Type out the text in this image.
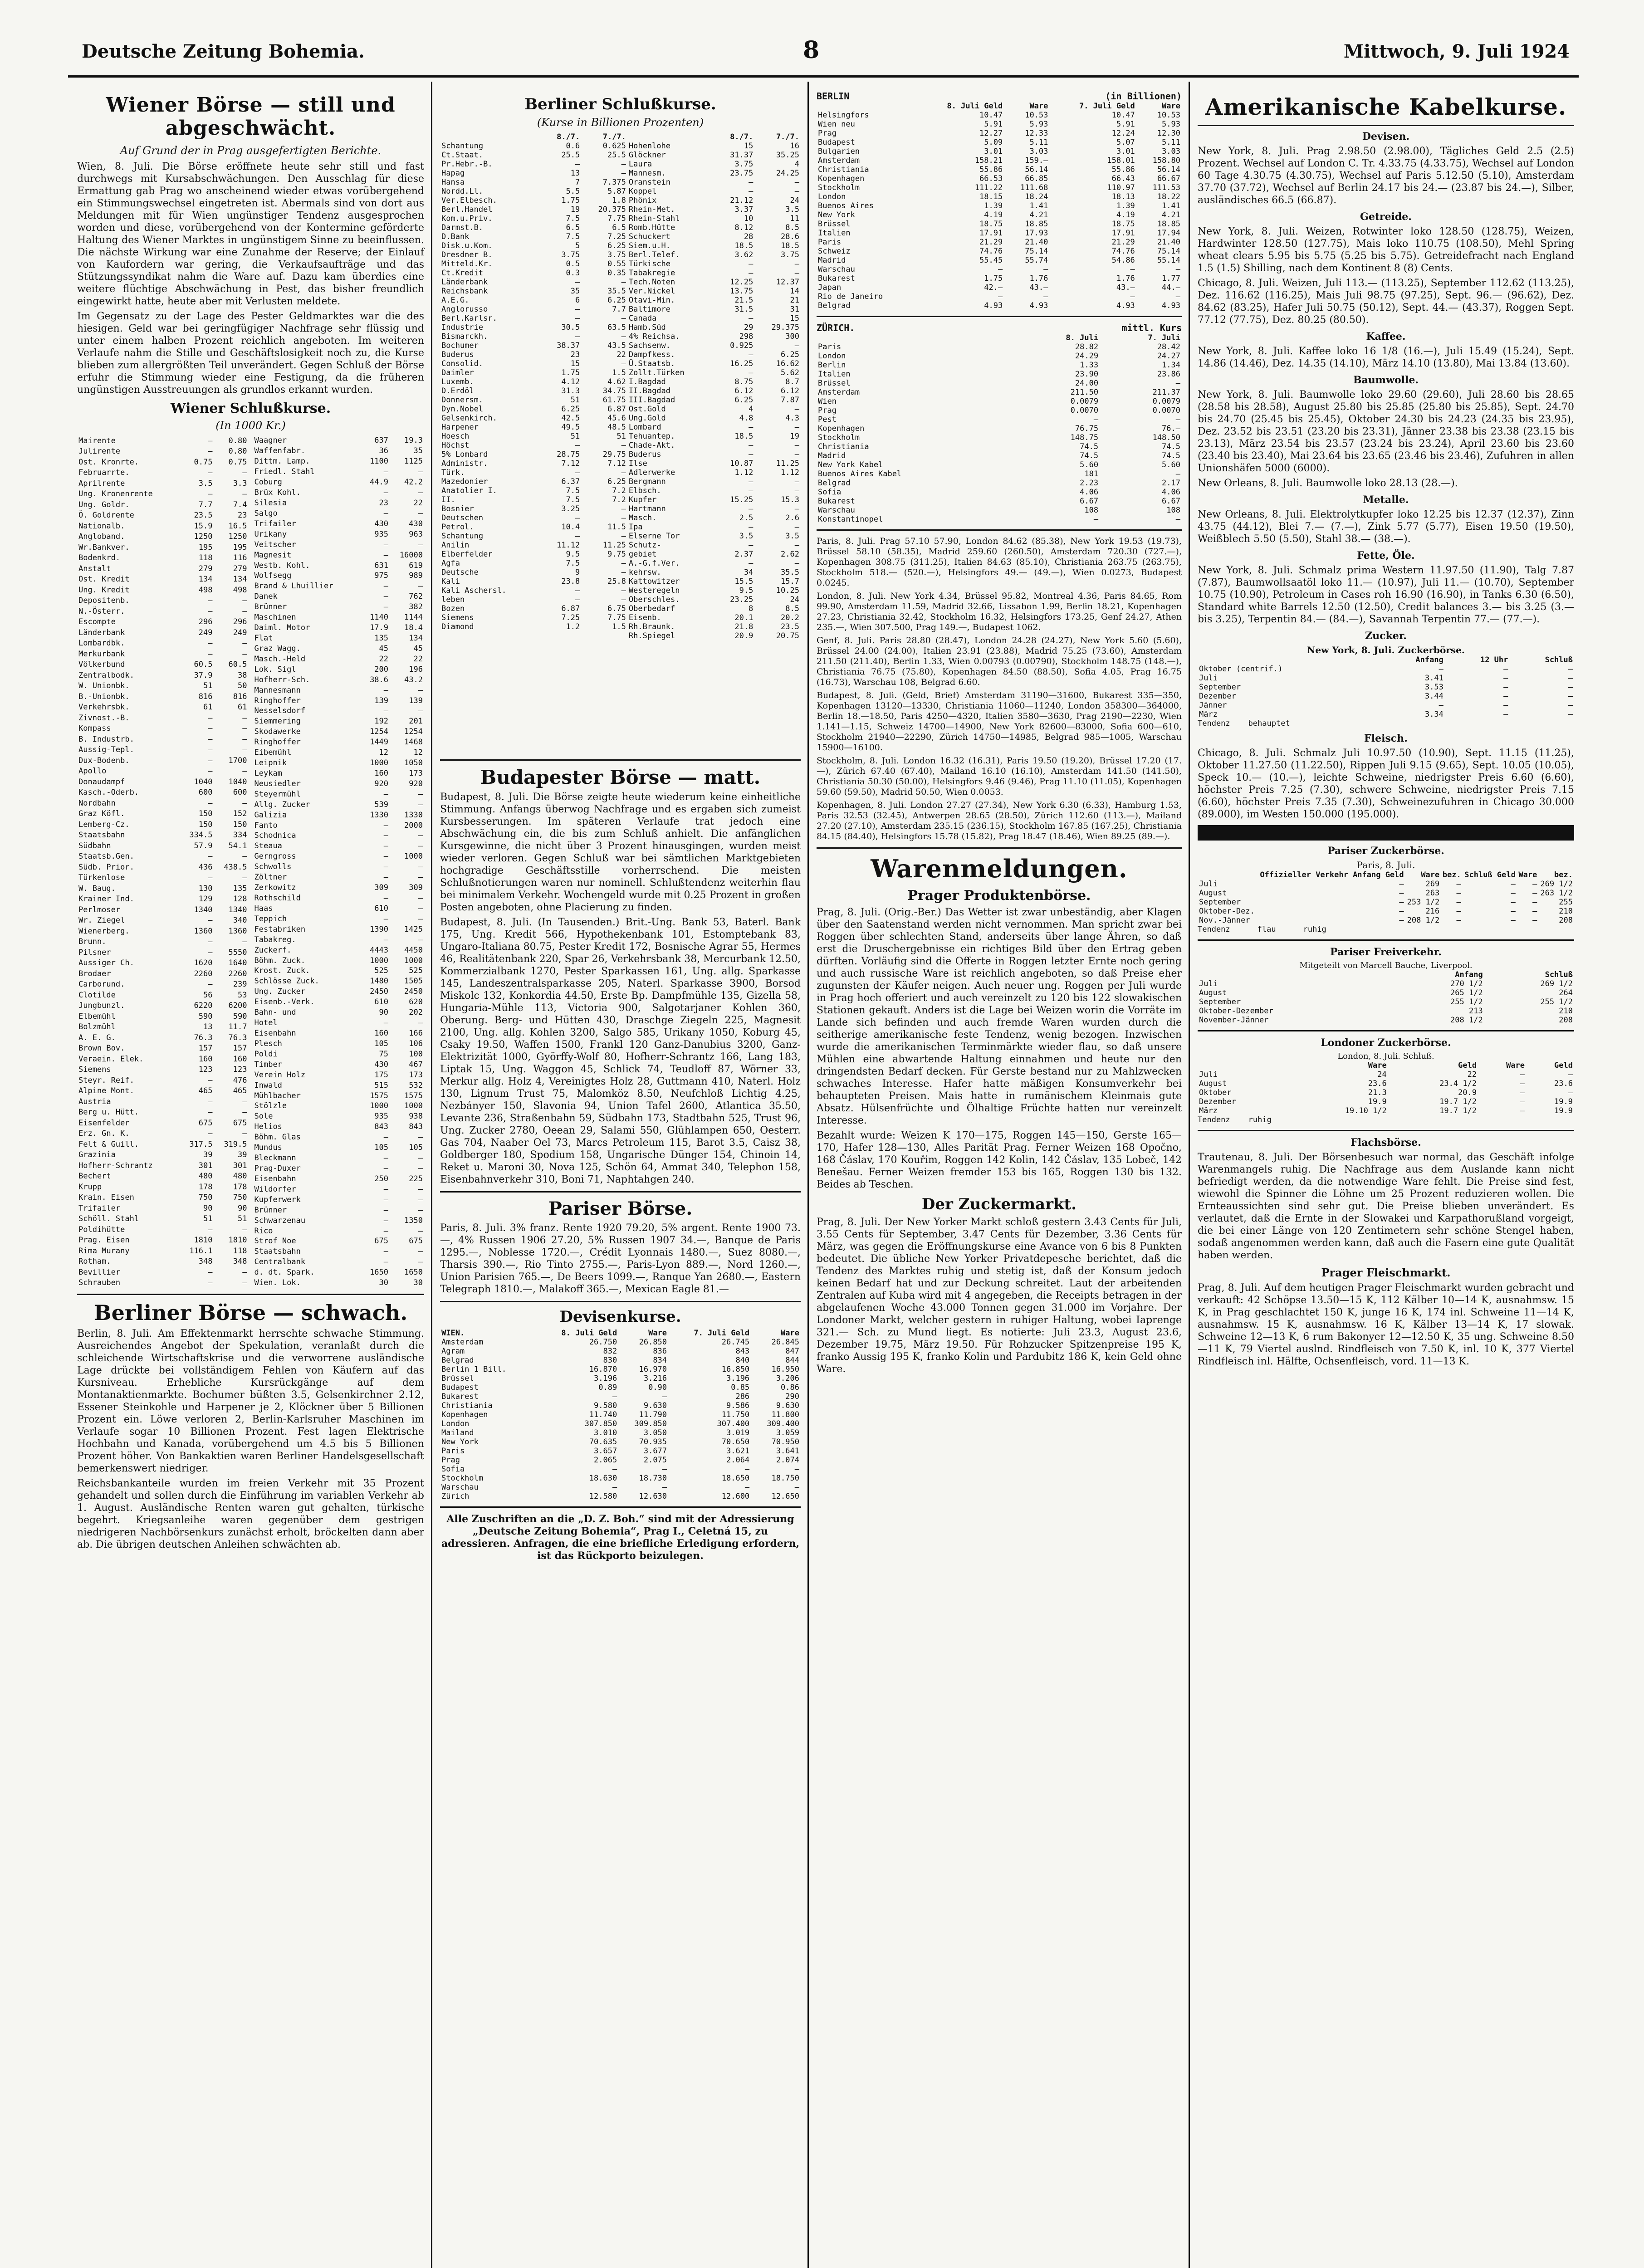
Deutsche Zeitung Bohemia.	8	Mittwoch, 9. Juli 1924
Wiener Börse — still und abgeschwächt.
Auf Grund der in Prag ausgefertigten Berichte.

Wien, 8. Juli. Die Börse eröffnete heute sehr still und fast durchwegs mit Kursabschwächungen. Den Ausschlag für diese Ermattung gab Prag wo anscheinend wieder etwas vorübergehend ein Stimmungswechsel eingetreten ist. Abermals sind von dort aus Meldungen mit für Wien ungünstiger Tendenz ausgesprochen worden und diese, vorübergehend von der Kontermine geförderte Haltung des Wiener Marktes in ungünstigem Sinne zu beeinflussen. Die nächste Wirkung war eine Zunahme der Reserve; der Einlauf von Kaufordern war gering, die Verkaufsaufträge und das Stützungssyndikat nahm die Ware auf. Dazu kam überdies eine weitere flüchtige Abschwächung in Pest, das bisher freundlich eingewirkt hatte, heute aber mit Verlusten meldete.

Im Gegensatz zu der Lage des Pester Geldmarktes war die des hiesigen. Geld war bei geringfügiger Nachfrage sehr flüssig und unter einem halben Prozent reichlich angeboten. Im weiteren Verlaufe nahm die Stille und Geschäftslosigkeit noch zu, die Kurse blieben zum allergrößten Teil unverändert. Gegen Schluß der Börse erfuhr die Stimmung wieder eine Festigung, da die früheren ungünstigen Ausstreuungen als grundlos erkannt wurden.

Wiener Schlußkurse.
(In 1000 Kr.)
Mairente	—	0.80
Julirente	—	0.80
Ost. Kronrte.	0.75	0.75
Februarrte.	—	—
Aprilrente	3.5	3.3
Ung. Kronenrente	—	—
Ung. Goldr.	7.7	7.4
Ö. Goldrente	23.5	23
Nationalb.	15.9	16.5
Angloband.	1250	1250
Wr.Bankver.	195	195
Bodenkrd.	118	116
Anstalt	279	279
Ost. Kredit	134	134
Ung. Kredit	498	498
Depositenb.	—	—
N.-Österr.	—	—
Escompte	296	296
Länderbank	249	249
Lombardbk.	—	—
Merkurbank	—	—
Völkerbund	60.5	60.5
Zentralbodk.	37.9	38
W. Unionbk.	51	50
B.-Unionbk.	816	816
Verkehrsbk.	61	61
Zivnost.-B.	—	—
Kompass	—	—
B. Industrb.	—	—
Aussig-Tepl.	—	—
Dux-Bodenb.	—	1700
Apollo	—	—
Donaudampf	1040	1040
Kasch.-Oderb.	600	600
Nordbahn	—	—
Graz Köfl.	150	152
Lemberg-Cz.	150	150
Staatsbahn	334.5	334
Südbahn	57.9	54.1
Staatsb.Gen.	—	—
Südb. Prior.	436	438.5
Türkenlose	—	—
W. Baug.	130	135
Krainer Ind.	129	128
Perlmoser	1340	1340
Wr. Ziegel	—	340
Wienerberg.	1360	1360
Brunn.	—	—
Pilsner	—	5550
Aussiger Ch.	1620	1640
Brodaer	2260	2260
Carborund.	—	239
Clotilde	56	53
Jungbunzl.	6220	6200
Elbemühl	590	590
Bolzmühl	13	11.7
A. E. G.	76.3	76.3
Brown Bov.	157	157
Veraein. Elek.	160	160
Siemens	123	123
Steyr. Reif.	—	476
Alpine Mont.	465	465
Austria	—	—
Berg u. Hütt.	—	—
Eisenfelder	675	675
Erz. Gn. K.	—	—
Felt & Guill.	317.5	319.5
Grazinia	39	39
Hofherr-Schrantz	301	301
Bechert	480	480
Krupp	178	178
Krain. Eisen	750	750
Trifailer	90	90
Schöll. Stahl	51	51
Poldihütte	—	—
Prag. Eisen	1810	1810
Rima Murany	116.1	118
Rotham.	348	348
Bevillier	—	—
Schrauben	—	—
Waagner	637	19.3
Waffenfabr.	36	35
Dittm. Lamp.	1100	1125
Friedl. Stahl	—	—
Coburg	44.9	42.2
Brüx Kohl.	—	—
Silesia	23	22
Salgo	—	—
Trifailer	430	430
Urikany	935	963
Veitscher	—	—
Magnesit	—	16000
Westb. Kohl.	631	619
Wolfsegg	975	989
Brand & Lhuillier	—	—
Danek	—	762
Brünner	—	382
Maschinen	1140	1144
Daiml. Motor	17.9	18.4
Flat	135	134
Graz Wagg.	45	45
Masch.-Held	22	22
Lok. Sigl	200	196
Hofherr-Sch.	38.6	43.2
Mannesmann	—	—
Ringhoffer	139	139
Nesselsdorf	—	—
Siemmering	192	201
Skodawerke	1254	1254
Ringhoffer	1449	1468
Eibemühl	12	12
Leipnik	1000	1050
Leykam	160	173
Neusiedler	920	920
Steyermühl	—	—
Allg. Zucker	539	—
Galizia	1330	1330
Fanto	—	2000
Schodnica	—	—
Steaua	—	—
Gerngross	—	1000
Schwolls	—	—
Zöltner	—	—
Zerkowitz	309	309
Rothschild	—	—
Haas	610	—
Teppich	—	—
Festabriken	1390	1425
Tabakreg.	—	—
Zuckerf.	4443	4450
Böhm. Zuck.	1000	1000
Krost. Zuck.	525	525
Schlösse Zuck.	1480	1505
Ung. Zucker	2450	2450
Eisenb.-Verk.	610	620
Bahn- und	90	202
Hotel	—	—
Eisenbahn	160	166
Plesch	105	106
Poldi	75	100
Timber	430	467
Verein Holz	175	173
Inwald	515	532
Mühlbacher	1575	1575
Stölzle	1000	1000
Sole	935	938
Helios	843	843
Böhm. Glas	—	—
Mundus	105	105
Bleckmann	—	—
Prag-Duxer	—	—
Eisenbahn	250	225
Wildorfer	—	—
Kupferwerk	—	—
Brünner	—	—
Schwarzenau	—	1350
Rico	—	—
Strof Noe	675	675
Staatsbahn	—	—
Centralbank	—	—
d. dt. Spark.	1650	1650
Wien. Lok.	30	30
Berliner Börse — schwach.

Berlin, 8. Juli. Am Effektenmarkt herrschte schwache Stimmung. Ausreichendes Angebot der Spekulation, veranlaßt durch die schleichende Wirtschaftskrise und die verworrene ausländische Lage drückte bei vollständigem Fehlen von Käufern auf das Kursniveau. Erhebliche Kursrückgänge auf dem Montanaktienmarkte. Bochumer büßten 3.5, Gelsenkirchner 2.12, Essener Steinkohle und Harpener je 2, Klöckner über 5 Billionen Prozent ein. Löwe verloren 2, Berlin-Karlsruher Maschinen im Verlaufe sogar 10 Billionen Prozent. Fest lagen Elektrische Hochbahn und Kanada, vorübergehend um 4.5 bis 5 Billionen Prozent höher. Von Bankaktien waren Berliner Handelsgesellschaft bemerkenswert niedriger.

Reichsbankanteile wurden im freien Verkehr mit 35 Prozent gehandelt und sollen durch die Einführung im variablen Verkehr ab 1. August. Ausländische Renten waren gut gehalten, türkische begehrt. Kriegsanleihe waren gegenüber dem gestrigen niedrigeren Nachbörsenkurs zunächst erholt, bröckelten dann aber ab. Die übrigen deutschen Anleihen schwächten ab.

Berliner Schlußkurse.
(Kurse in Billionen Prozenten)
	8./7.	7./7.		8./7.	7./7.
Schantung	0.6	0.625	Hohenlohe	15	16
Ct.Staat.	25.5	25.5	Glöckner	31.37	35.25
Pr.Hebr.-B.	—	—	Laura	3.75	4
Hapag	13	—	Mannesm.	23.75	24.25
Hansa	7	7.375	Oranstein	—	—
Nordd.Ll.	5.5	5.87	Koppel	—	—
Ver.Elbesch.	1.75	1.8	Phönix	21.12	24
Berl.Handel	19	20.375	Rhein-Met.	3.37	3.5
Kom.u.Priv.	7.5	7.75	Rhein-Stahl	10	11
Darmst.B.	6.5	6.5	Romb.Hütte	8.12	8.5
D.Bank	7.5	7.25	Schuckert	28	28.6
Disk.u.Kom.	5	6.25	Siem.u.H.	18.5	18.5
Dresdner B.	3.75	3.75	Berl.Telef.	3.62	3.75
Mitteld.Kr.	0.5	0.55	Türkische	—	—
Ct.Kredit	0.3	0.35	Tabakregie	—	—
Länderbank	—	—	Tech.Noten	12.25	12.37
Reichsbank	35	35.5	Ver.Nickel	13.75	14
A.E.G.	6	6.25	Otavi-Min.	21.5	21
Anglorusso	—	7.7	Baltimore	31.5	31
Berl.Karlsr.	—	—	Canada	—	15
Industrie	30.5	63.5	Hamb.Süd	29	29.375
Bismarckh.	—	—	4% Reichsa.	298	300
Bochumer	38.37	43.5	Sachsenw.	0.925	—
Buderus	23	22	Dampfkess.	—	6.25
Consolid.	15	—	Ü.Staatsb.	16.25	16.62
Daimler	1.75	1.5	Zollt.Türken	—	5.62
Luxemb.	4.12	4.62	I.Bagdad	8.75	8.7
D.Erdöl	31.3	34.75	II.Bagdad	6.12	6.12
Donnersm.	51	61.75	III.Bagdad	6.25	7.87
Dyn.Nobel	6.25	6.87	Ost.Gold	4	—
Gelsenkirch.	42.5	45.6	Ung.Gold	4.8	4.3
Harpener	49.5	48.5	Lombard	—	—
Hoesch	51	51	Tehuantep.	18.5	19
Höchst	—	—	Chade-Akt.	—	—
5% Lombard	28.75	29.75	Buderus	—	—
Administr.	7.12	7.12	Ilse	10.87	11.25
Türk.	—	—	Adlerwerke	1.12	1.12
Mazedonier	6.37	6.25	Bergmann	—	—
Anatolier I.	7.5	7.2	Elbsch.	—	—
II.	7.5	7.2	Kupfer	15.25	15.3
Bosnier	3.25	—	Hartmann	—	—
Deutschen	—	—	Masch.	2.5	2.6
Petrol.	10.4	11.5	Ipa	—	—
Schantung	—	—	Elserne Tor	3.5	3.5
Anilin	11.12	11.25	Schutz-	—	—
Elberfelder	9.5	9.75	gebiet	2.37	2.62
Agfa	7.5	—	A.-G.f.Ver.	—	—
Deutsche	9	—	kehrsw.	34	35.5
Kali	23.8	25.8	Kattowitzer	15.5	15.7
Kali Aschersl.	—	—	Westeregeln	9.5	10.25
leben	—	—	Oberschles.	23.25	24
Bozen	6.87	6.75	Oberbedarf	8	8.5
Siemens	7.25	7.75	Eisenb.	20.1	20.2
Diamond	1.2	1.5	Rh.Braunk.	21.8	23.5
			Rh.Spiegel	20.9	20.75
Budapester Börse — matt.

Budapest, 8. Juli. Die Börse zeigte heute wiederum keine einheitliche Stimmung. Anfangs überwog Nachfrage und es ergaben sich zumeist Kursbesserungen. Im späteren Verlaufe trat jedoch eine Abschwächung ein, die bis zum Schluß anhielt. Die anfänglichen Kursgewinne, die nicht über 3 Prozent hinausgingen, wurden meist wieder verloren. Gegen Schluß war bei sämtlichen Marktgebieten hochgradige Geschäftsstille vorherrschend. Die meisten Schlußnotierungen waren nur nominell. Schlußtendenz weiterhin flau bei minimalem Verkehr. Wochengeld wurde mit 0.25 Prozent in großen Posten angeboten, ohne Placierung zu finden.

Budapest, 8. Juli. (In Tausenden.) Brit.-Ung. Bank 53, Baterl. Bank 175, Ung. Kredit 566, Hypothekenbank 101, Estomptebank 83, Ungaro-Italiana 80.75, Pester Kredit 172, Bosnische Agrar 55, Hermes 46, Realitätenbank 220, Spar 26, Verkehrsbank 38, Mercurbank 12.50, Kommerzialbank 1270, Pester Sparkassen 161, Ung. allg. Sparkasse 145, Landeszentralsparkasse 205, Naterl. Sparkasse 3900, Borsod Miskolc 132, Konkordia 44.50, Erste Bp. Dampfmühle 135, Gizella 58, Hungaria-Mühle 113, Victoria 900, Salgotarjaner Kohlen 360, Oberung. Berg- und Hütten 430, Draschge Ziegeln 225, Magnesit 2100, Ung. allg. Kohlen 3200, Salgo 585, Urikany 1050, Koburg 45, Csaky 19.50, Waffen 1500, Frankl 120 Ganz-Danubius 3200, Ganz-Elektrizität 1000, Györffy-Wolf 80, Hofherr-Schrantz 166, Lang 183, Liptak 15, Ung. Waggon 45, Schlick 74, Teudloff 87, Wörner 33, Merkur allg. Holz 4, Vereinigtes Holz 28, Guttmann 410, Naterl. Holz 130, Lignum Trust 75, Malomköz 8.50, Neufchloß Lichtig 4.25, Nezbányer 150, Slavonia 94, Union Tafel 2600, Atlantica 35.50, Levante 236, Straßenbahn 59, Südbahn 173, Stadtbahn 525, Trust 96, Ung. Zucker 2780, Oeean 29, Salami 550, Glühlampen 650, Oesterr. Gas 704, Naaber Oel 73, Marcs Petroleum 115, Barot 3.5, Caisz 38, Goldberger 180, Spodium 158, Ungarische Dünger 154, Chinoin 14, Reket u. Maroni 30, Nova 125, Schön 64, Ammat 340, Telephon 158, Eisenbahnverkehr 310, Boni 71, Naphtahgen 240.

Pariser Börse.

Paris, 8. Juli. 3% franz. Rente 1920 79.20, 5% argent. Rente 1900 73.—, 4% Russen 1906 27.20, 5% Russen 1907 34.—, Banque de Paris 1295.—, Noblesse 1720.—, Crédit Lyonnais 1480.—, Suez 8080.—, Tharsis 390.—, Rio Tinto 2755.—, Paris-Lyon 889.—, Nord 1260.—, Union Parisien 765.—, De Beers 1099.—, Ranque Yan 2680.—, Eastern Telegraph 1810.—, Malakoff 365.—, Mexican Eagle 81.—

Devisenkurse.
WIEN.	8. Juli Geld	Ware	7. Juli Geld	Ware
Amsterdam	26.750	26.850	26.745	26.845
Agram	832	836	843	847
Belgrad	830	834	840	844
Berlin 1 Bill.	16.870	16.970	16.850	16.950
Brüssel	3.196	3.216	3.196	3.206
Budapest	0.89	0.90	0.85	0.86
Bukarest	—	—	286	290
Christiania	9.580	9.630	9.586	9.630
Kopenhagen	11.740	11.790	11.750	11.800
London	307.850	309.850	307.400	309.400
Mailand	3.010	3.050	3.019	3.059
New York	70.635	70.935	70.650	70.950
Paris	3.657	3.677	3.621	3.641
Prag	2.065	2.075	2.064	2.074
Sofia	—	—	—	—
Stockholm	18.630	18.730	18.650	18.750
Warschau	—	—	—	—
Zürich	12.580	12.630	12.600	12.650

Alle Zuschriften an die „D. Z. Boh.“ sind mit der Adressierung „Deutsche Zeitung Bohemia“, Prag I., Celetná 15, zu adressieren. Anfragen, die eine briefliche Erledigung erfordern, ist das Rückporto beizulegen.

BERLIN	(in Billionen)
	8. Juli Geld	Ware	7. Juli Geld	Ware
Helsingfors	10.47	10.53	10.47	10.53
Wien neu	5.91	5.93	5.91	5.93
Prag	12.27	12.33	12.24	12.30
Budapest	5.09	5.11	5.07	5.11
Bulgarien	3.01	3.03	3.01	3.03
Amsterdam	158.21	159.—	158.01	158.80
Christiania	55.86	56.14	55.86	56.14
Kopenhagen	66.53	66.85	66.43	66.67
Stockholm	111.22	111.68	110.97	111.53
London	18.15	18.24	18.13	18.22
Buenos Aires	1.39	1.41	1.39	1.41
New York	4.19	4.21	4.19	4.21
Brüssel	18.75	18.85	18.75	18.85
Italien	17.91	17.93	17.91	17.94
Paris	21.29	21.40	21.29	21.40
Schweiz	74.76	75.14	74.76	75.14
Madrid	55.45	55.74	54.86	55.14
Warschau	—	—	—	—
Bukarest	1.75	1.76	1.76	1.77
Japan	42.—	43.—	43.—	44.—
Rio de Janeiro	—	—	—	—
Belgrad	4.93	4.93	4.93	4.93
ZÜRICH.	mittl. Kurs
	8. Juli	7. Juli
Paris	28.82	28.42
London	24.29	24.27
Berlin	1.33	1.34
Italien	23.90	23.86
Brüssel	24.00	—
Amsterdam	211.50	211.37
Wien	0.0079	0.0079
Prag	0.0070	0.0070
Pest	—	—
Kopenhagen	76.75	76.—
Stockholm	148.75	148.50
Christiania	74.5	74.5
Madrid	74.5	74.5
New York Kabel	5.60	5.60
Buenos Aires Kabel	181	—
Belgrad	2.23	2.17
Sofia	4.06	4.06
Bukarest	6.67	6.67
Warschau	108	108
Konstantinopel	—	—

Paris, 8. Juli. Prag 57.10 57.90, London 84.62 (85.38), New York 19.53 (19.73), Brüssel 58.10 (58.35), Madrid 259.60 (260.50), Amsterdam 720.30 (727.—), Kopenhagen 308.75 (311.25), Italien 84.63 (85.10), Christiania 263.75 (263.75), Stockholm 518.— (520.—), Helsingfors 49.— (49.—), Wien 0.0273, Budapest 0.0245.

London, 8. Juli. New York 4.34, Brüssel 95.82, Montreal 4.36, Paris 84.65, Rom 99.90, Amsterdam 11.59, Madrid 32.66, Lissabon 1.99, Berlin 18.21, Kopenhagen 27.23, Christiania 32.42, Stockholm 16.32, Helsingfors 173.25, Genf 24.27, Athen 235.—, Wien 307.500, Prag 149.—, Budapest 1062.

Genf, 8. Juli. Paris 28.80 (28.47), London 24.28 (24.27), New York 5.60 (5.60), Brüssel 24.00 (24.00), Italien 23.91 (23.88), Madrid 75.25 (73.60), Amsterdam 211.50 (211.40), Berlin 1.33, Wien 0.00793 (0.00790), Stockholm 148.75 (148.—), Christiania 76.75 (75.80), Kopenhagen 84.50 (88.50), Sofia 4.05, Prag 16.75 (16.73), Warschau 108, Belgrad 6.60.

Budapest, 8. Juli. (Geld, Brief) Amsterdam 31190—31600, Bukarest 335—350, Kopenhagen 13120—13330, Christiania 11060—11240, London 358300—364000, Berlin 18.—18.50, Paris 4250—4320, Italien 3580—3630, Prag 2190—2230, Wien 1.141—1.15, Schweiz 14700—14900, New York 82600—83000, Sofia 600—610, Stockholm 21940—22290, Zürich 14750—14985, Belgrad 985—1005, Warschau 15900—16100.

Stockholm, 8. Juli. London 16.32 (16.31), Paris 19.50 (19.20), Brüssel 17.20 (17.—), Zürich 67.40 (67.40), Mailand 16.10 (16.10), Amsterdam 141.50 (141.50), Christiania 50.30 (50.00), Helsingfors 9.46 (9.46), Prag 11.10 (11.05), Kopenhagen 59.60 (59.50), Madrid 50.50, Wien 0.0053.

Kopenhagen, 8. Juli. London 27.27 (27.34), New York 6.30 (6.33), Hamburg 1.53, Paris 32.53 (32.45), Antwerpen 28.65 (28.50), Zürich 112.60 (113.—), Mailand 27.20 (27.10), Amsterdam 235.15 (236.15), Stockholm 167.85 (167.25), Christiania 84.15 (84.40), Helsingfors 15.78 (15.82), Prag 18.47 (18.46), Wien 89.25 (89.—).

Warenmeldungen.
Prager Produktenbörse.

Prag, 8. Juli. (Orig.-Ber.) Das Wetter ist zwar unbeständig, aber Klagen über den Saatenstand werden nicht vernommen. Man spricht zwar bei Roggen über schlechten Stand, anderseits über lange Ähren, so daß erst die Druschergebnisse ein richtiges Bild über den Ertrag geben dürften. Vorläufig sind die Offerte in Roggen letzter Ernte noch gering und auch russische Ware ist reichlich angeboten, so daß Preise eher zugunsten der Käufer neigen. Auch neuer ung. Roggen per Juli wurde in Prag hoch offeriert und auch vereinzelt zu 120 bis 122 slowakischen Stationen gekauft. Anders ist die Lage bei Weizen worin die Vorräte im Lande sich befinden und auch fremde Waren wurden durch die seitherige amerikanische feste Tendenz, wenig bezogen. Inzwischen wurde die amerikanischen Terminmärkte wieder flau, so daß unsere Mühlen eine abwartende Haltung einnahmen und heute nur den dringendsten Bedarf decken. Für Gerste bestand nur zu Mahlzwecken schwaches Interesse. Hafer hatte mäßigen Konsumverkehr bei behaupteten Preisen. Mais hatte in rumänischem Kleinmais gute Absatz. Hülsenfrüchte und Ölhaltige Früchte hatten nur vereinzelt Interesse.

Bezahlt wurde: Weizen K 170—175, Roggen 145—150, Gerste 165—170, Hafer 128—130, Alles Parität Prag. Ferner Weizen 168 Opočno, 168 Čáslav, 170 Kouřim, Roggen 142 Kolin, 142 Čáslav, 135 Lobeč, 142 Benešau. Ferner Weizen fremder 153 bis 165, Roggen 130 bis 132. Beides ab Teschen.

Der Zuckermarkt.

Prag, 8. Juli. Der New Yorker Markt schloß gestern 3.43 Cents für Juli, 3.55 Cents für September, 3.47 Cents für Dezember, 3.36 Cents für März, was gegen die Eröffnungskurse eine Avance von 6 bis 8 Punkten bedeutet. Die übliche New Yorker Privatdepesche berichtet, daß die Tendenz des Marktes ruhig und stetig ist, daß der Konsum jedoch keinen Bedarf hat und zur Deckung schreitet. Laut der arbeitenden Zentralen auf Kuba wird mit 4 angegeben, die Receipts betragen in der abgelaufenen Woche 43.000 Tonnen gegen 31.000 im Vorjahre. Der Londoner Markt, welcher gestern in ruhiger Haltung, wobei Iaprenge 321.— Sch. zu Mund liegt. Es notierte: Juli 23.3, August 23.6, Dezember 19.75, März 19.50. Für Rohzucker Spitzenpreise 195 K, franko Aussig 195 K, franko Kolin und Pardubitz 186 K, kein Geld ohne Ware.

Amerikanische Kabelkurse.
Devisen.

New York, 8. Juli. Prag 2.98.50 (2.98.00), Tägliches Geld 2.5 (2.5) Prozent. Wechsel auf London C. Tr. 4.33.75 (4.33.75), Wechsel auf London 60 Tage 4.30.75 (4.30.75), Wechsel auf Paris 5.12.50 (5.10), Amsterdam 37.70 (37.72), Wechsel auf Berlin 24.17 bis 24.— (23.87 bis 24.—), Silber, ausländisches 66.5 (66.87).

Getreide.

New York, 8. Juli. Weizen, Rotwinter loko 128.50 (128.75), Weizen, Hardwinter 128.50 (127.75), Mais loko 110.75 (108.50), Mehl Spring wheat clears 5.95 bis 5.75 (5.25 bis 5.75). Getreidefracht nach England 1.5 (1.5) Shilling, nach dem Kontinent 8 (8) Cents.

Chicago, 8. Juli. Weizen, Juli 113.— (113.25), September 112.62 (113.25), Dez. 116.62 (116.25), Mais Juli 98.75 (97.25), Sept. 96.— (96.62), Dez. 84.62 (83.25), Hafer Juli 50.75 (50.12), Sept. 44.— (43.37), Roggen Sept. 77.12 (77.75), Dez. 80.25 (80.50).

Kaffee.

New York, 8. Juli. Kaffee loko 16 1/8 (16.—), Juli 15.49 (15.24), Sept. 14.86 (14.46), Dez. 14.35 (14.10), März 14.10 (13.80), Mai 13.84 (13.60).

Baumwolle.

New York, 8. Juli. Baumwolle loko 29.60 (29.60), Juli 28.60 bis 28.65 (28.58 bis 28.58), August 25.80 bis 25.85 (25.80 bis 25.85), Sept. 24.70 bis 24.70 (25.45 bis 25.45), Oktober 24.30 bis 24.23 (24.35 bis 23.95), Dez. 23.52 bis 23.51 (23.20 bis 23.31), Jänner 23.38 bis 23.38 (23.15 bis 23.13), März 23.54 bis 23.57 (23.24 bis 23.24), April 23.60 bis 23.60 (23.40 bis 23.40), Mai 23.64 bis 23.65 (23.46 bis 23.46), Zufuhren in allen Unionshäfen 5000 (6000).

New Orleans, 8. Juli. Baumwolle loko 28.13 (28.—).

Metalle.

New Orleans, 8. Juli. Elektrolytkupfer loko 12.25 bis 12.37 (12.37), Zinn 43.75 (44.12), Blei 7.— (7.—), Zink 5.77 (5.77), Eisen 19.50 (19.50), Weißblech 5.50 (5.50), Stahl 38.— (38.—).

Fette, Öle.

New York, 8. Juli. Schmalz prima Western 11.97.50 (11.90), Talg 7.87 (7.87), Baumwollsaatöl loko 11.— (10.97), Juli 11.— (10.70), September 10.75 (10.90), Petroleum in Cases roh 16.90 (16.90), in Tanks 6.30 (6.50), Standard white Barrels 12.50 (12.50), Credit balances 3.— bis 3.25 (3.— bis 3.25), Terpentin 84.— (84.—), Savannah Terpentin 77.— (77.—).

Zucker.
New York, 8. Juli. Zuckerbörse.
	Anfang	12 Uhr	Schluß
Oktober (centrif.)	—	—	—
Juli	3.41	—	—
September	3.53	—	—
Dezember	3.44	—	—
Jänner	—	—	—
März	3.34	—	—
Tendenz behauptet
Fleisch.

Chicago, 8. Juli. Schmalz Juli 10.97.50 (10.90), Sept. 11.15 (11.25), Oktober 11.27.50 (11.22.50), Rippen Juli 9.15 (9.65), Sept. 10.05 (10.05), Speck 10.— (10.—), leichte Schweine, niedrigster Preis 6.60 (6.60), höchster Preis 7.25 (7.30), schwere Schweine, niedrigster Preis 7.15 (6.60), höchster Preis 7.35 (7.30), Schweinezufuhren in Chicago 30.000 (89.000), im Westen 150.000 (195.000).

Pariser Zuckerbörse.
Paris, 8. Juli.
	Offizieller Verkehr Anfang Geld	Ware	bez.	Schluß Geld	Ware	bez.
Juli	—	269	—	—	—	269 1/2
August	—	263	—	—	—	263 1/2
September	—	253 1/2	—	—	—	255
Oktober-Dez.	—	216	—	—	—	210
Nov.-Jänner	—	208 1/2	—	—	—	208
Tendenz	flau	ruhig
Pariser Freiverkehr.
Mitgeteilt von Marcell Bauche, Liverpool.
	Anfang	Schluß
Juli	270 1/2	269 1/2
August	265 1/2	264
September	255 1/2	255 1/2
Oktober-Dezember	213	210
November-Jänner	208 1/2	208
Londoner Zuckerbörse.
London, 8. Juli. Schluß.
	Ware	Geld	Ware	Geld
Juli	24	22	—	—
August	23.6	23.4 1/2	—	23.6
Oktober	21.3	20.9	—	—
Dezember	19.9	19.7 1/2	—	19.9
März	19.10 1/2	19.7 1/2	—	19.9
Tendenz ruhig
Flachsbörse.

Trautenau, 8. Juli. Der Börsenbesuch war normal, das Geschäft infolge Warenmangels ruhig. Die Nachfrage aus dem Auslande kann nicht befriedigt werden, da die notwendige Ware fehlt. Die Preise sind fest, wiewohl die Spinner die Löhne um 25 Prozent reduzieren wollen. Die Ernteaussichten sind sehr gut. Die Preise blieben unverändert. Es verlautet, daß die Ernte in der Slowakei und Karpathorußland vorgeigt, die bei einer Länge von 120 Zentimetern sehr schöne Stengel haben, sodaß angenommen werden kann, daß auch die Fasern eine gute Qualität haben werden.

Prager Fleischmarkt.

Prag, 8. Juli. Auf dem heutigen Prager Fleischmarkt wurden gebracht und verkauft: 42 Schöpse 13.50—15 K, 112 Kälber 10—14 K, ausnahmsw. 15 K, in Prag geschlachtet 150 K, junge 16 K, 174 inl. Schweine 11—14 K, ausnahmsw. 15 K, ausnahmsw. 16 K, Kälber 13—14 K, 17 slowak. Schweine 12—13 K, 6 rum Bakonyer 12—12.50 K, 35 ung. Schweine 8.50—11 K, 79 Viertel auslnd. Rindfleisch von 7.50 K, inl. 10 K, 377 Viertel Rindfleisch inl. Hälfte, Ochsenfleisch, vord. 11—13 K.
